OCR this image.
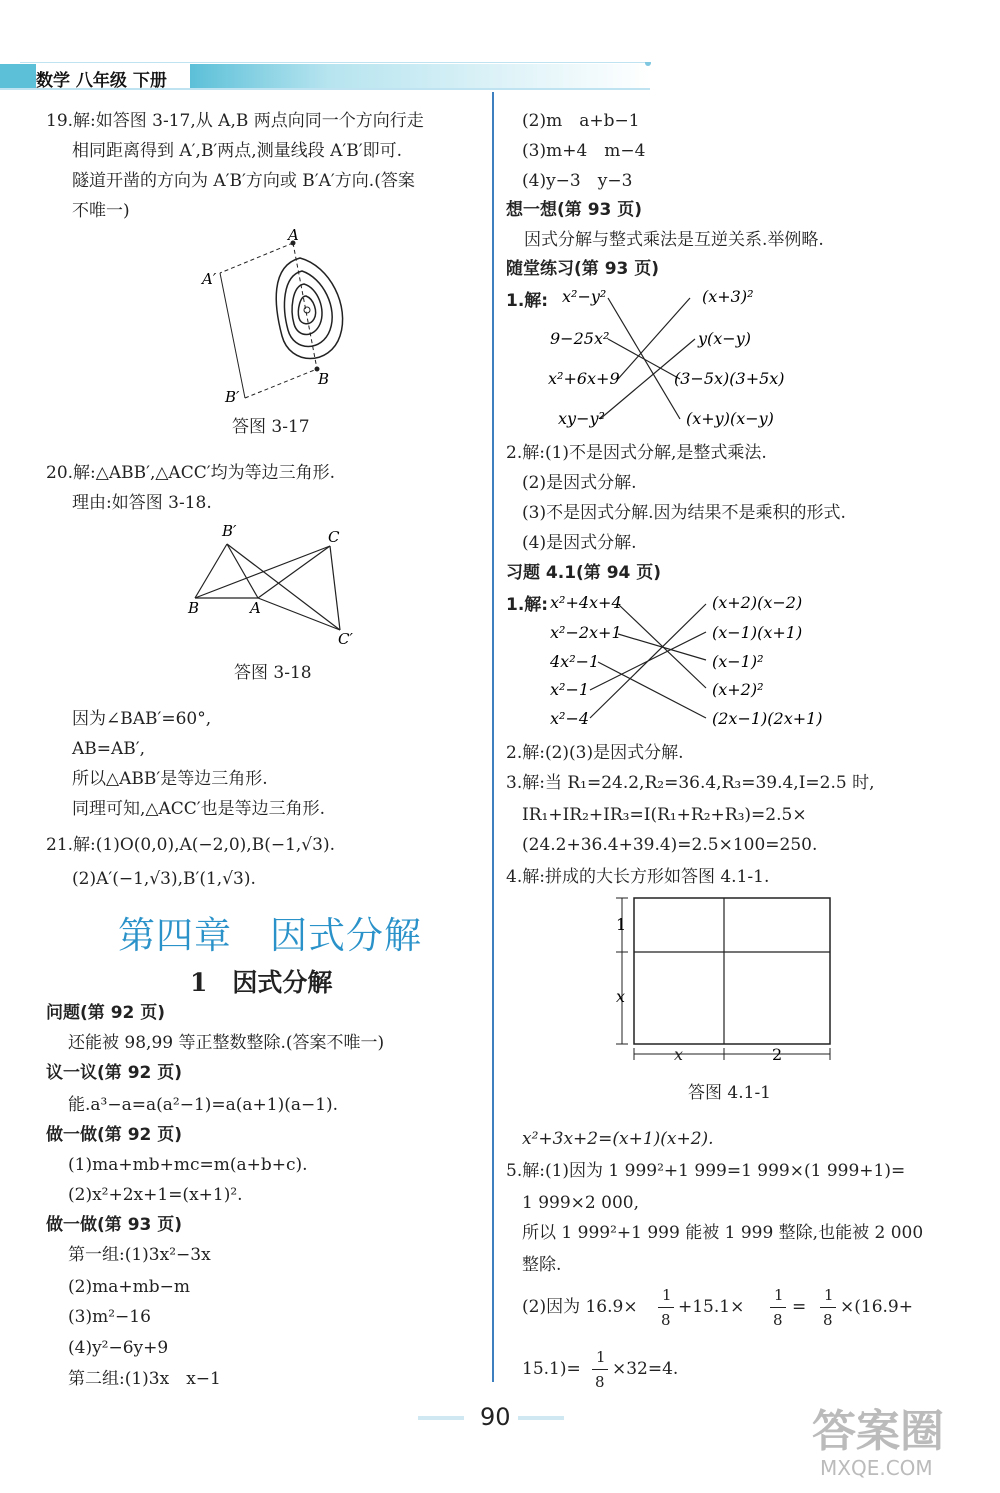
数学 八年级 下册
19.解:如答图 3-17,从 A,B 两点向同一个方向行走
相同距离得到 A′,B′两点,测量线段 A′B′即可.
隧道开凿的方向为 A′B′方向或 B′A′方向.(答案
不唯一)
A
A′
B
B′
答图 3-17
20.解:△ABB′,△ACC′均为等边三角形.
理由:如答图 3-18.
B′	C
B	A
C′
答图 3-18
因为∠BAB′=60°,
AB=AB′,
所以△ABB′是等边三角形.
同理可知,△ACC′也是等边三角形.
21.解:(1)O(0,0),A(−2,0),B(−1,√3).
(2)A′(−1,√3),B′(1,√3).
第四章　因式分解
1　因式分解
问题(第 92 页)
还能被 98,99 等正整数整除.(答案不唯一)
议一议(第 92 页)
能.a³−a=a(a²−1)=a(a+1)(a−1).
做一做(第 92 页)
(1)ma+mb+mc=m(a+b+c).
(2)x²+2x+1=(x+1)².
做一做(第 93 页)
第一组:(1)3x²−3x
(2)ma+mb−m
(3)m²−16
(4)y²−6y+9
第二组:(1)3x　x−1
(2)m　a+b−1
(3)m+4　m−4
(4)y−3　y−3
想一想(第 93 页)
因式分解与整式乘法是互逆关系.举例略.
随堂练习(第 93 页)
1.解: x²−y²
9−25x²
x²+6x+9
xy−y²
(x+3)²
y(x−y)
(3−5x)(3+5x)
(x+y)(x−y)
2.解:(1)不是因式分解,是整式乘法.
(2)是因式分解.
(3)不是因式分解.因为结果不是乘积的形式.
(4)是因式分解.
习题 4.1(第 94 页)
1.解: x²+4x+4
x²−2x+1
4x²−1
x²−1
x²−4
(x+2)(x−2)
(x−1)(x+1)
(x−1)²
(x+2)²
(2x−1)(2x+1)
2.解:(2)(3)是因式分解.
3.解:当 R₁=24.2,R₂=36.4,R₃=39.4,I=2.5 时,
IR₁+IR₂+IR₃=I(R₁+R₂+R₃)=2.5×
(24.2+36.4+39.4)=2.5×100=250.
4.解:拼成的大长方形如答图 4.1-1.
1
x
x	2
答图 4.1-1
x²+3x+2=(x+1)(x+2).
5.解:(1)因为 1 999²+1 999=1 999×(1 999+1)=
1 999×2 000,
所以 1 999²+1 999 能被 1 999 整除,也能被 2 000
整除.
(2)因为 16.9×
1
8
+15.1×
1
8
=
1
8
×(16.9+
15.1)=
1
8
×32=4.
90	答案圈
MXQE.COM
